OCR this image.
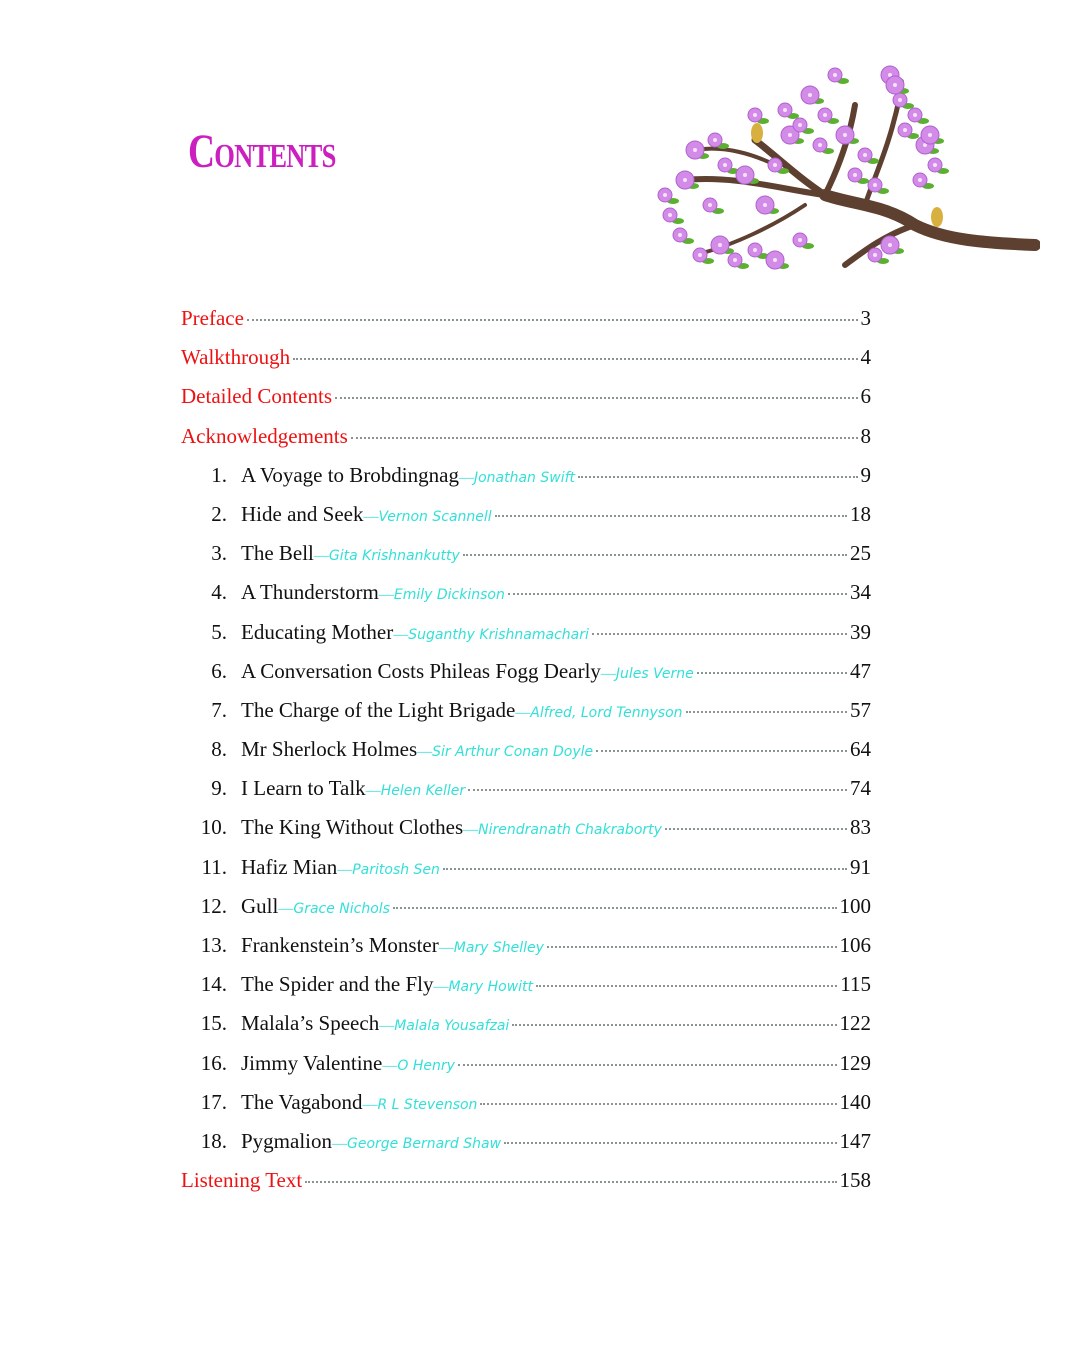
Contents
Preface	3
Walkthrough	4
Detailed Contents	6
Acknowledgements	8
1. A Voyage to Brobdingnag — Jonathan Swift	9
2. Hide and Seek — Vernon Scannell	18
3. The Bell — Gita Krishnankutty	25
4. A Thunderstorm — Emily Dickinson	34
5. Educating Mother — Suganthy Krishnamachari	39
6. A Conversation Costs Phileas Fogg Dearly — Jules Verne	47
7. The Charge of the Light Brigade — Alfred, Lord Tennyson	57
8. Mr Sherlock Holmes — Sir Arthur Conan Doyle	64
9. I Learn to Talk — Helen Keller	74
10. The King Without Clothes — Nirendranath Chakraborty	83
11. Hafiz Mian — Paritosh Sen	91
12. Gull — Grace Nichols	100
13. Frankenstein’s Monster — Mary Shelley	106
14. The Spider and the Fly — Mary Howitt	115
15. Malala’s Speech — Malala Yousafzai	122
16. Jimmy Valentine — O Henry	129
17. The Vagabond — R L Stevenson	140
18. Pygmalion — George Bernard Shaw	147
Listening Text	158
